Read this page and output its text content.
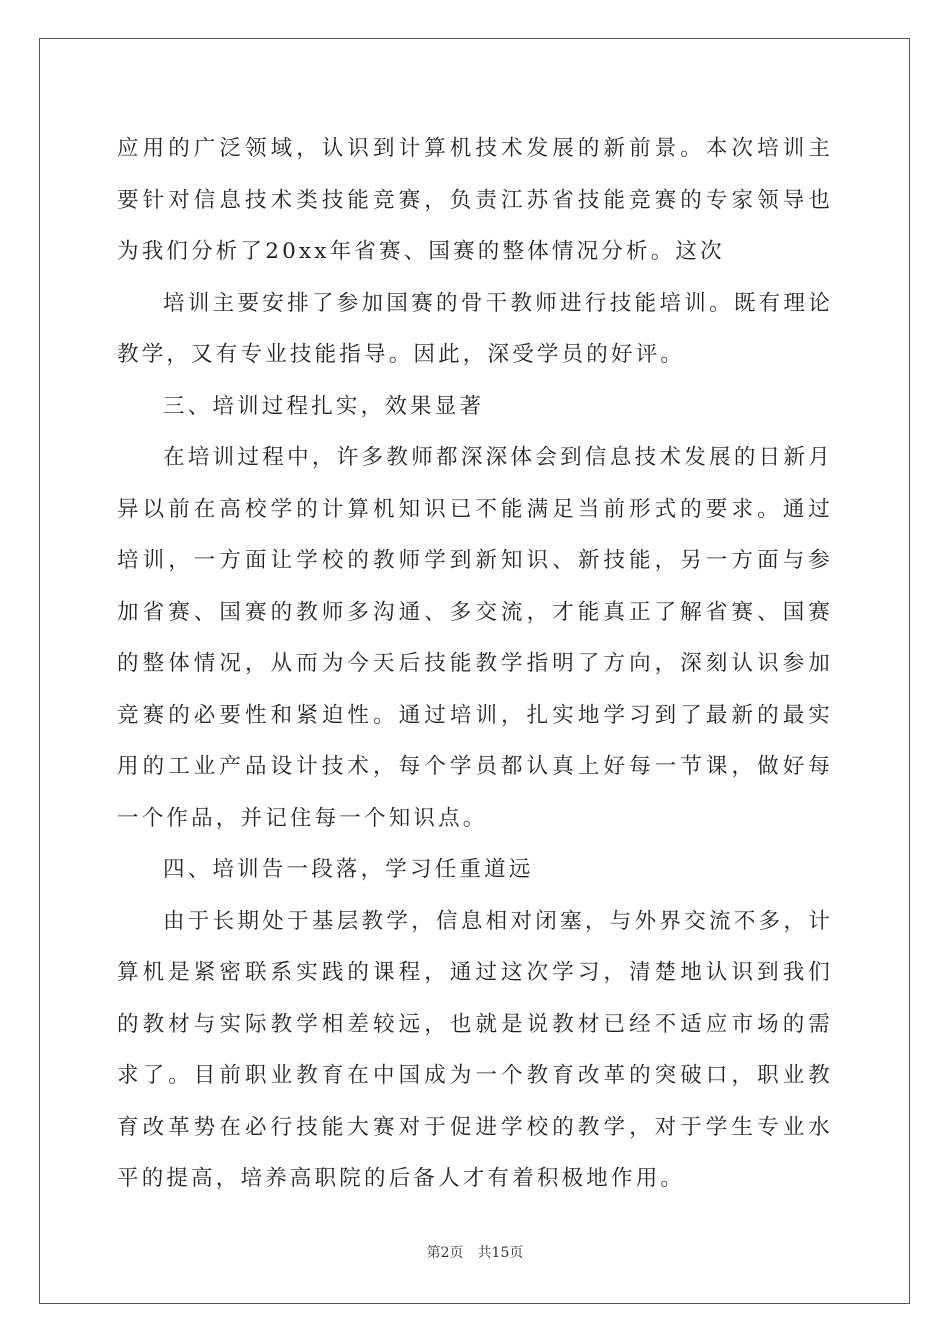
应用的广泛领域，认识到计算机技术发展的新前景。本次培训主要针对信息技术类技能竞赛，负责江苏省技能竞赛的专家领导也为我们分析了20xx年省赛、国赛的整体情况分析。这次

培训主要安排了参加国赛的骨干教师进行技能培训。既有理论教学，又有专业技能指导。因此，深受学员的好评。

三、培训过程扎实，效果显著

在培训过程中，许多教师都深深体会到信息技术发展的日新月异以前在高校学的计算机知识已不能满足当前形式的要求。通过培训，一方面让学校的教师学到新知识、新技能，另一方面与参加省赛、国赛的教师多沟通、多交流，才能真正了解省赛、国赛的整体情况，从而为今天后技能教学指明了方向，深刻认识参加竞赛的必要性和紧迫性。通过培训，扎实地学习到了最新的最实用的工业产品设计技术，每个学员都认真上好每一节课，做好每一个作品，并记住每一个知识点。

四、培训告一段落，学习任重道远

由于长期处于基层教学，信息相对闭塞，与外界交流不多，计算机是紧密联系实践的课程，通过这次学习，清楚地认识到我们的教材与实际教学相差较远，也就是说教材已经不适应市场的需求了。目前职业教育在中国成为一个教育改革的突破口，职业教育改革势在必行技能大赛对于促进学校的教学，对于学生专业水平的提高，培养高职院的后备人才有着积极地作用。

第2页 共15页
